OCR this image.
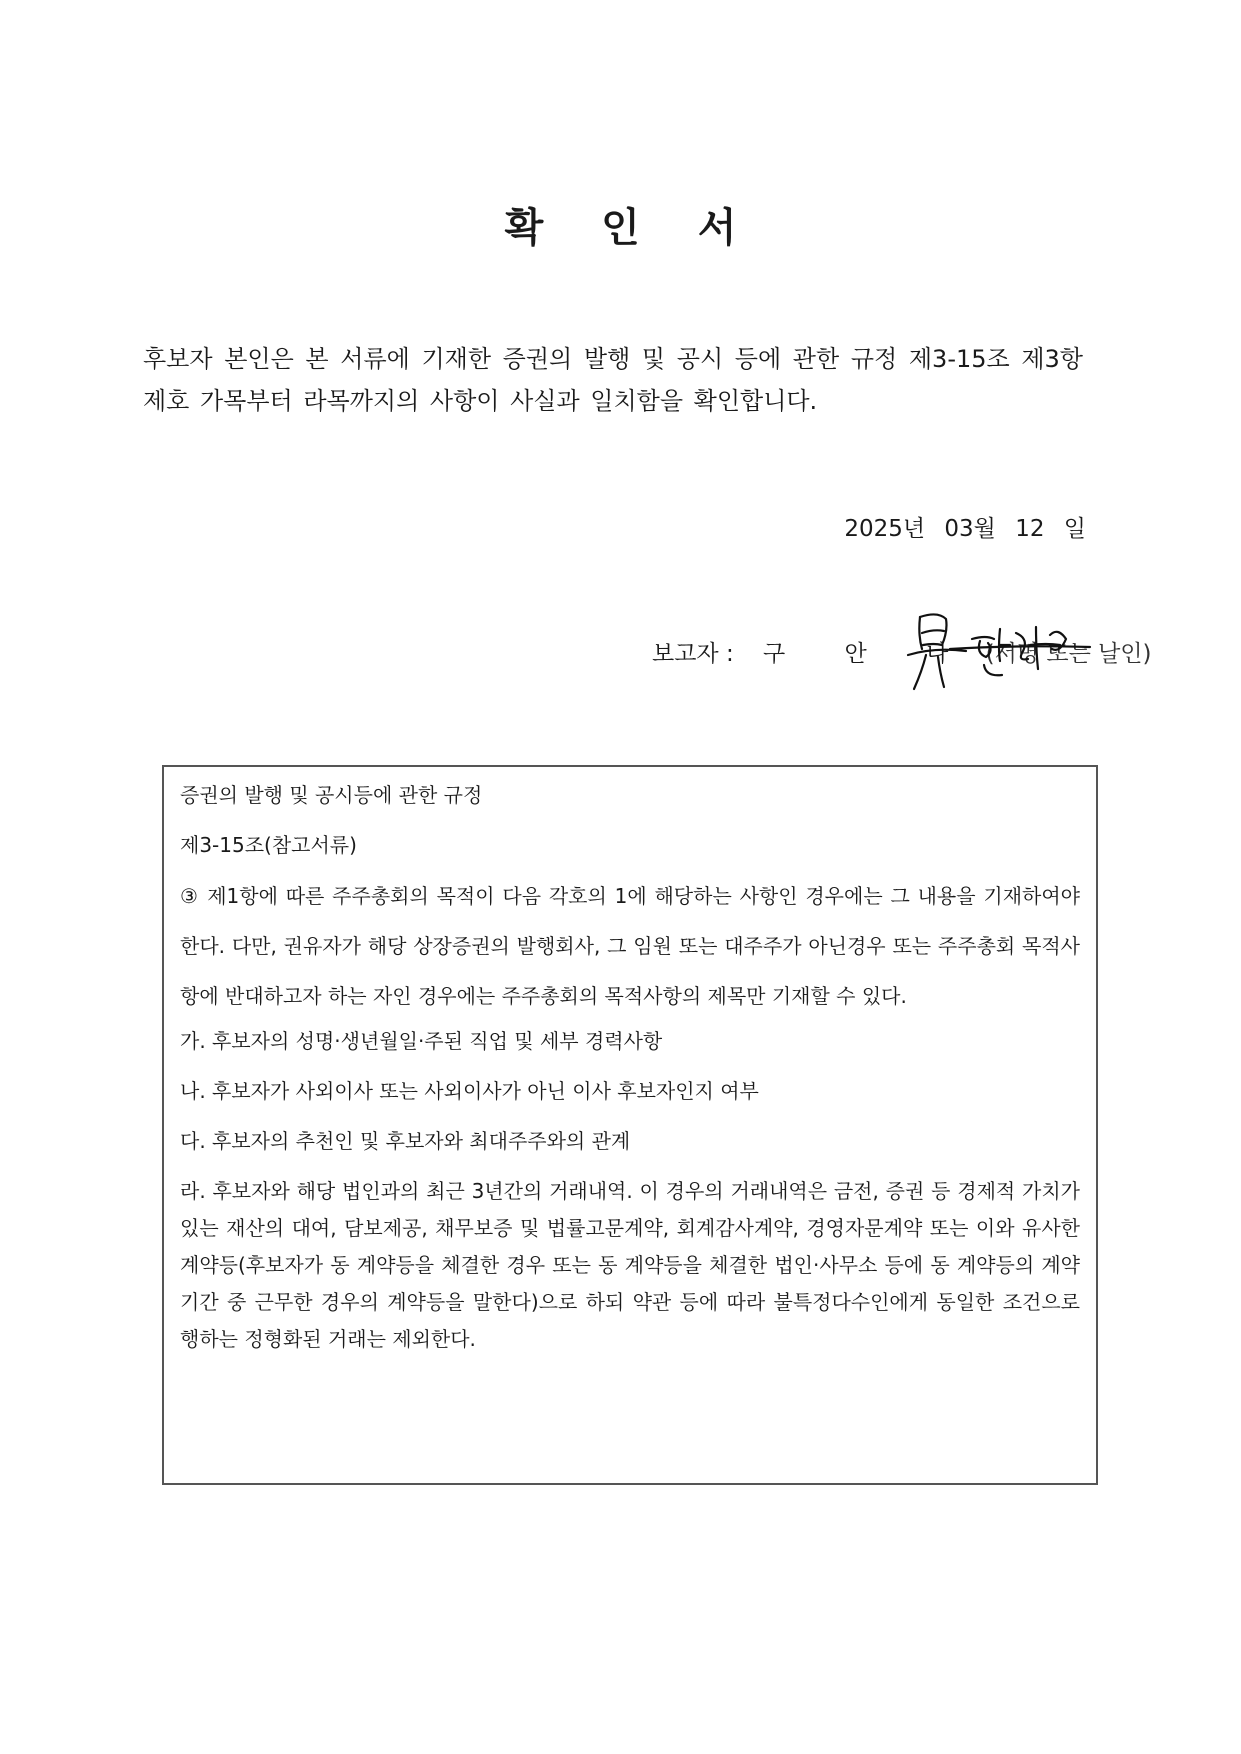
확 인 서
후보자 본인은 본 서류에 기재한 증권의 발행 및 공시 등에 관한 규정 제3-15조 제3항 제호 가목부터 라목까지의 사항이 사실과 일치함을 확인합니다.
2025년 03월 12 일
보고자 : 구 안 나 (서명 또는 날인)

증권의 발행 및 공시등에 관한 규정

제3-15조(참고서류)

③ 제1항에 따른 주주총회의 목적이 다음 각호의 1에 해당하는 사항인 경우에는 그 내용을 기재하여야 한다. 다만, 권유자가 해당 상장증권의 발행회사, 그 임원 또는 대주주가 아닌경우 또는 주주총회 목적사항에 반대하고자 하는 자인 경우에는 주주총회의 목적사항의 제목만 기재할 수 있다.

가. 후보자의 성명·생년월일·주된 직업 및 세부 경력사항

나. 후보자가 사외이사 또는 사외이사가 아닌 이사 후보자인지 여부

다. 후보자의 추천인 및 후보자와 최대주주와의 관계

라. 후보자와 해당 법인과의 최근 3년간의 거래내역. 이 경우의 거래내역은 금전, 증권 등 경제적 가치가 있는 재산의 대여, 담보제공, 채무보증 및 법률고문계약, 회계감사계약, 경영자문계약 또는 이와 유사한 계약등(후보자가 동 계약등을 체결한 경우 또는 동 계약등을 체결한 법인·사무소 등에 동 계약등의 계약기간 중 근무한 경우의 계약등을 말한다)으로 하되 약관 등에 따라 불특정다수인에게 동일한 조건으로 행하는 정형화된 거래는 제외한다.
